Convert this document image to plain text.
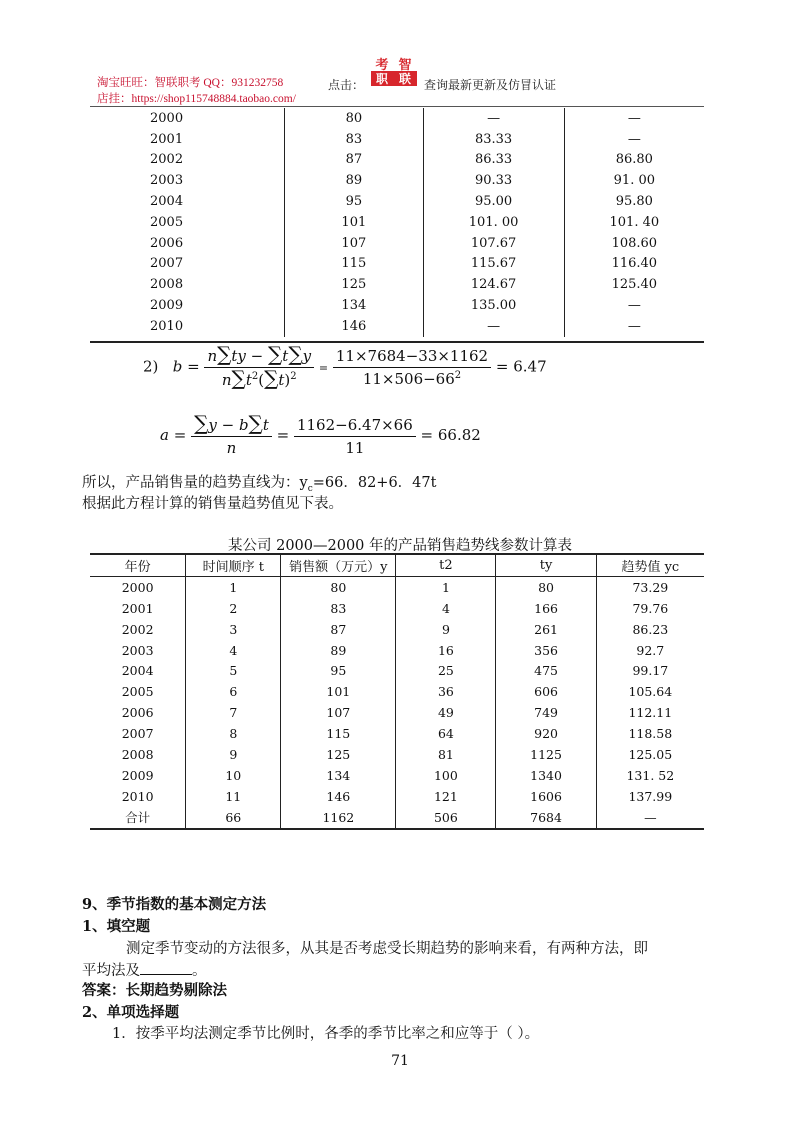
淘宝旺旺：智联职考 QQ：931232758
店挂：https://shop115748884.taobao.com/
点击：
考 智
职 联 查询最新更新及仿冒认证
2000	80	—	—
2001	83	83.33	—
2002	87	86.33	86.80
2003	89	90.33	91. 00
2004	95	95.00	95.80
2005	101	101. 00	101. 40
2006	107	107.67	108.60
2007	115	115.67	116.40
2008	125	124.67	125.40
2009	134	135.00	—
2010	146	—	—
2) $b = \frac{n\sum ty - \sum t\sum y}{n\sum t^2(\sum t)^2} = \frac{11\times 7684-33\times 1162}{11\times 506-66^2} = 6.47$
$a = \frac{\sum y - b\sum t}{n} = \frac{1162-6.47\times 66}{11} = 66.82$
所以，产品销售量的趋势直线为：$y_c=66$．82+6．47t
根据此方程计算的销售量趋势值见下表。
某公司 2000—2000 年的产品销售趋势线参数计算表
年份	时间顺序 t	销售额（万元）y	t2	ty	趋势值 yc
2000	1	80	1	80	73.29
2001	2	83	4	166	79.76
2002	3	87	9	261	86.23
2003	4	89	16	356	92.7
2004	5	95	25	475	99.17
2005	6	101	36	606	105.64
2006	7	107	49	749	112.11
2007	8	115	64	920	118.58
2008	9	125	81	1125	125.05
2009	10	134	100	1340	131. 52
2010	11	146	121	1606	137.99
合计	66	1162	506	7684	—
9、季节指数的基本测定方法
1、填空题
测定季节变动的方法很多，从其是否考虑受长期趋势的影响来看，有两种方法，即
平均法及	。
答案：长期趋势剔除法
2、单项选择题
1．按季平均法测定季节比例时，各季的季节比率之和应等于（ ）。
71
